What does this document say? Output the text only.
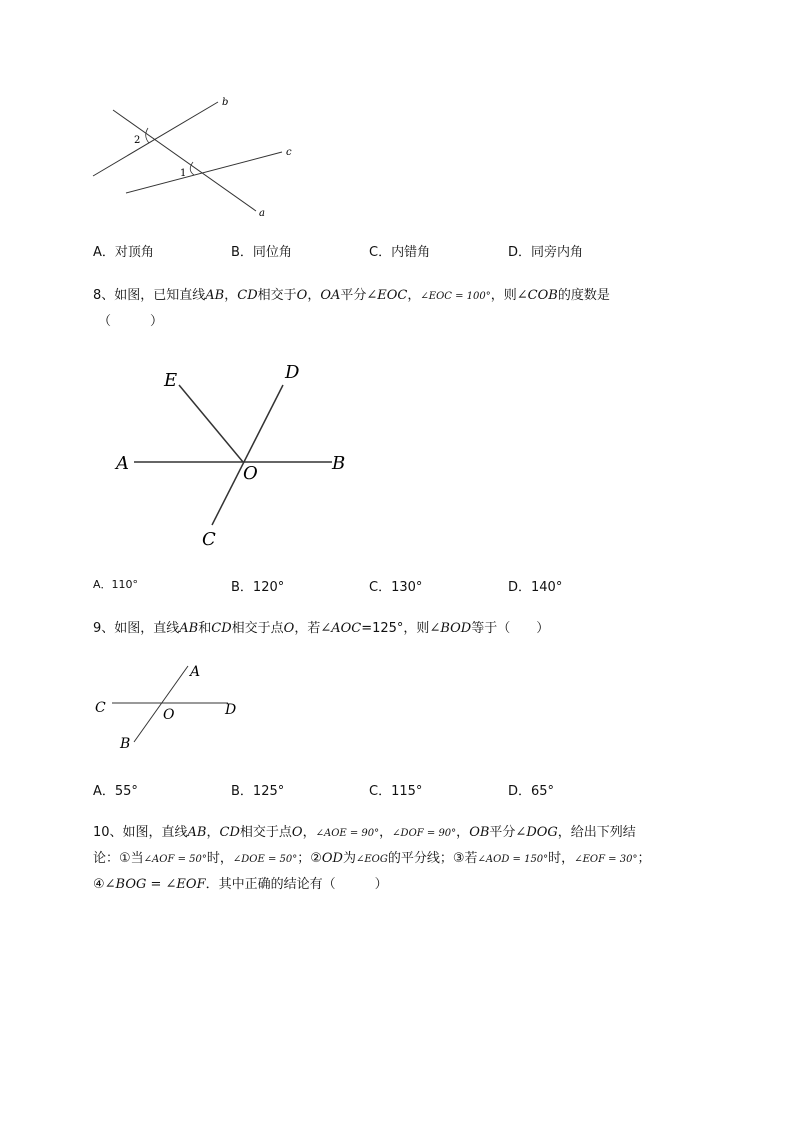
b
c
a
2
1
A．对顶角	B．同位角	C．内错角	D．同旁内角
8、如图，已知直线AB，CD相交于O，OA平分∠EOC，∠EOC = 100°，则∠COB的度数是
（　　　）
E	D
A	O	B
C
A．110°	B．120°	C．130°	D．140°
9、如图，直线AB和CD相交于点O，若∠AOC=125°，则∠BOD等于（　　）
A
C	O	D
B
A．55°	B．125°	C．115°	D．65°
10、如图，直线AB，CD相交于点O，∠AOE = 90°，∠DOF = 90°，OB平分∠DOG，给出下列结
论：①当∠AOF = 50°时，∠DOE = 50°；②OD为∠EOG的平分线；③若∠AOD = 150°时，∠EOF = 30°；
④∠BOG = ∠EOF．其中正确的结论有（　　　）
